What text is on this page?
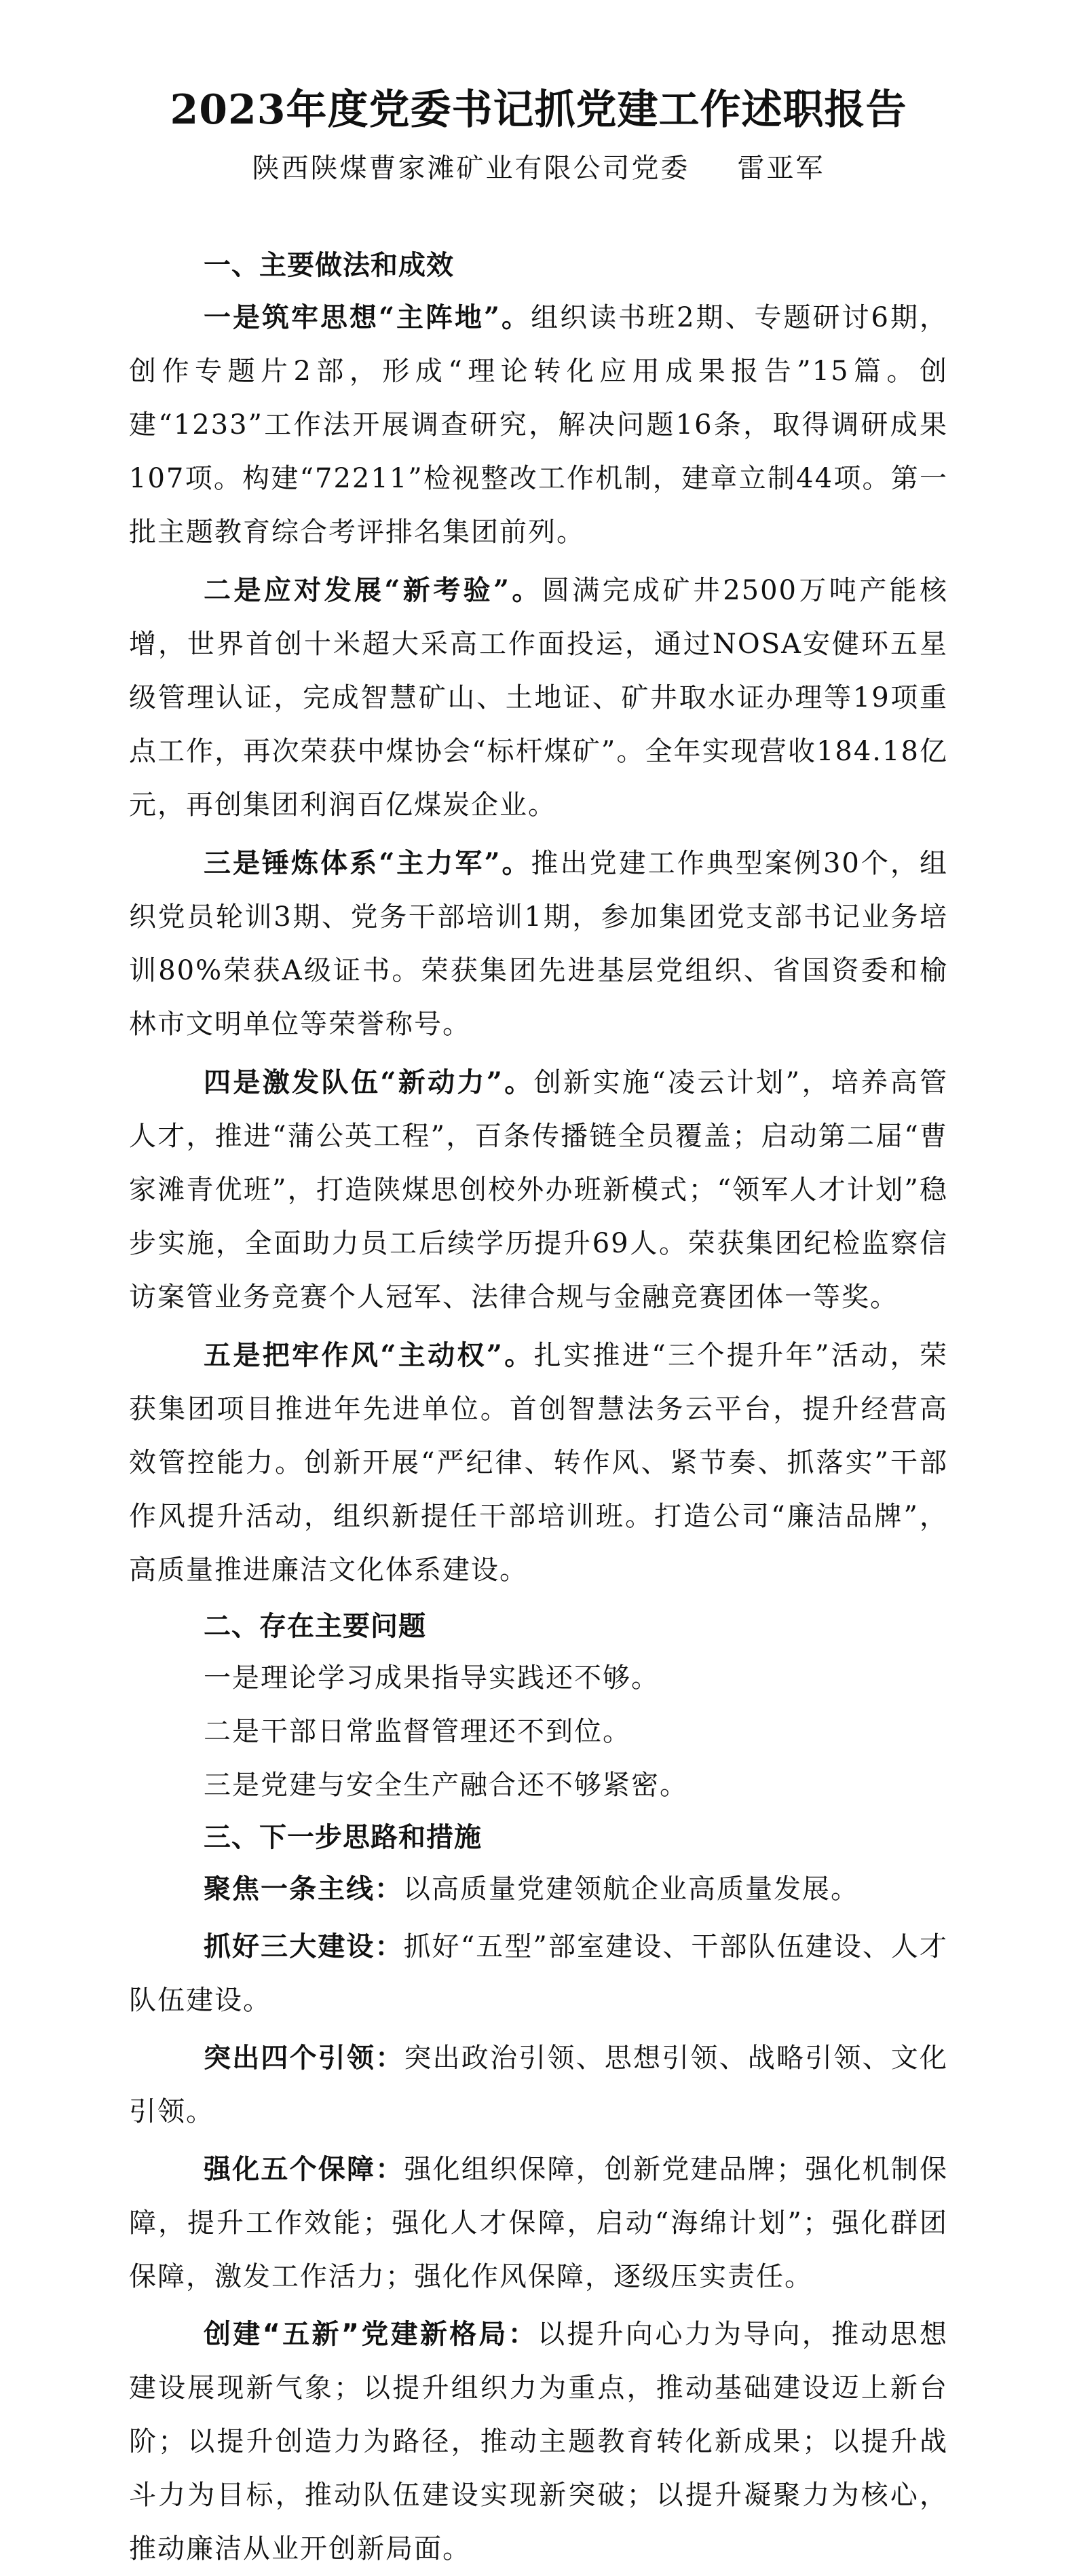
2023年度党委书记抓党建工作述职报告
陕西陕煤曹家滩矿业有限公司党委 雷亚军
一、主要做法和成效

一是筑牢思想“主阵地”。组织读书班2期、专题研讨6期，创作专题片2部，形成“理论转化应用成果报告”15篇。创建“1233”工作法开展调查研究，解决问题16条，取得调研成果107项。构建“72211”检视整改工作机制，建章立制44项。第一批主题教育综合考评排名集团前列。

二是应对发展“新考验”。圆满完成矿井2500万吨产能核增，世界首创十米超大采高工作面投运，通过NOSA安健环五星级管理认证，完成智慧矿山、土地证、矿井取水证办理等19项重点工作，再次荣获中煤协会“标杆煤矿”。全年实现营收184.18亿元，再创集团利润百亿煤炭企业。

三是锤炼体系“主力军”。推出党建工作典型案例30个，组织党员轮训3期、党务干部培训1期，参加集团党支部书记业务培训80%荣获A级证书。荣获集团先进基层党组织、省国资委和榆林市文明单位等荣誉称号。

四是激发队伍“新动力”。创新实施“凌云计划”，培养高管人才，推进“蒲公英工程”，百条传播链全员覆盖；启动第二届“曹家滩青优班”，打造陕煤思创校外办班新模式；“领军人才计划”稳步实施，全面助力员工后续学历提升69人。荣获集团纪检监察信访案管业务竞赛个人冠军、法律合规与金融竞赛团体一等奖。

五是把牢作风“主动权”。扎实推进“三个提升年”活动，荣获集团项目推进年先进单位。首创智慧法务云平台，提升经营高效管控能力。创新开展“严纪律、转作风、紧节奏、抓落实”干部作风提升活动，组织新提任干部培训班。打造公司“廉洁品牌”，高质量推进廉洁文化体系建设。

二、存在主要问题

一是理论学习成果指导实践还不够。

二是干部日常监督管理还不到位。

三是党建与安全生产融合还不够紧密。

三、下一步思路和措施

聚焦一条主线：以高质量党建领航企业高质量发展。

抓好三大建设：抓好“五型”部室建设、干部队伍建设、人才队伍建设。

突出四个引领：突出政治引领、思想引领、战略引领、文化引领。

强化五个保障：强化组织保障，创新党建品牌；强化机制保障，提升工作效能；强化人才保障，启动“海绵计划”；强化群团保障，激发工作活力；强化作风保障，逐级压实责任。

创建“五新”党建新格局：以提升向心力为导向，推动思想建设展现新气象；以提升组织力为重点，推动基础建设迈上新台阶；以提升创造力为路径，推动主题教育转化新成果；以提升战斗力为目标，推动队伍建设实现新突破；以提升凝聚力为核心，推动廉洁从业开创新局面。
